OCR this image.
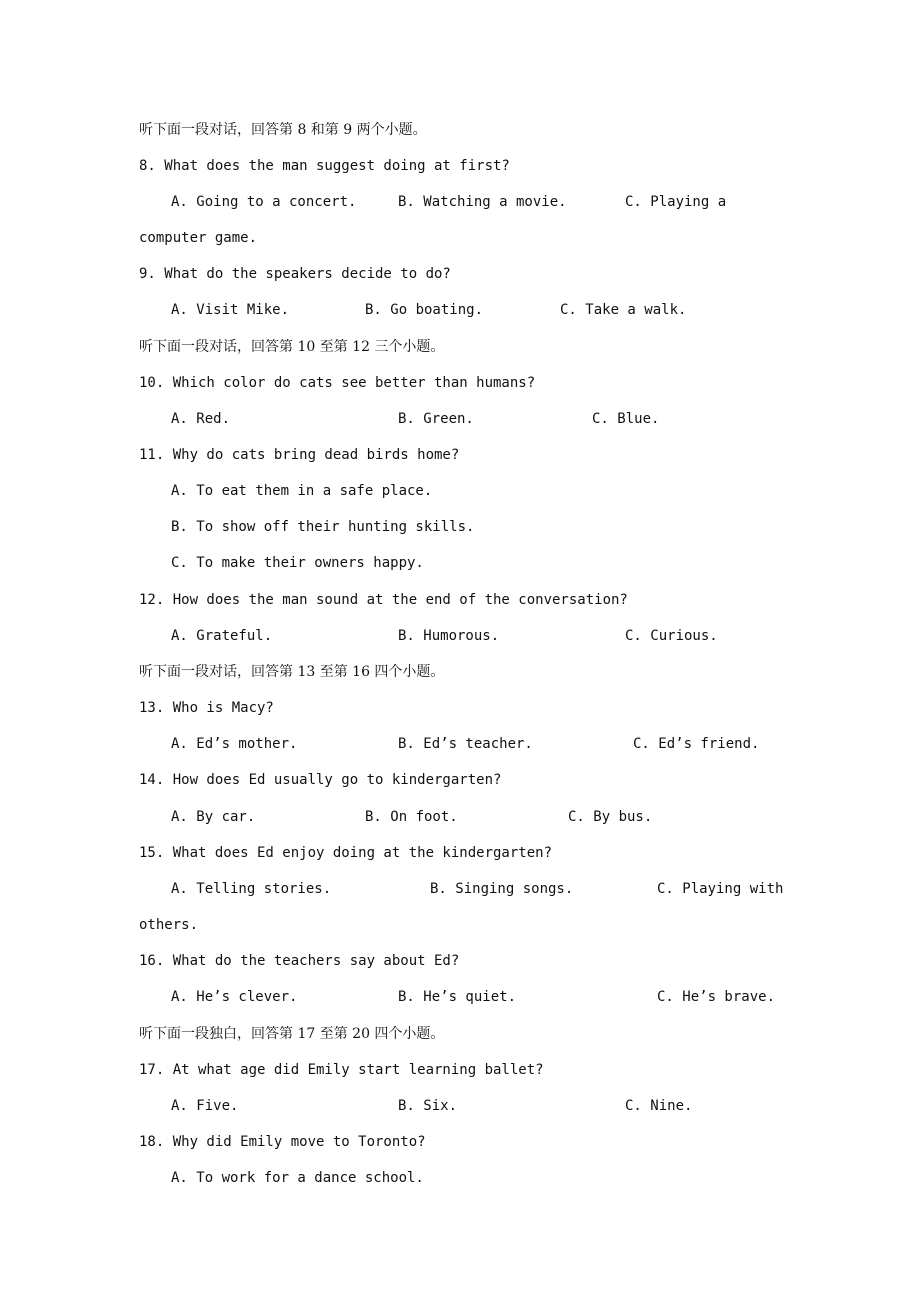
听下面一段对话，回答第 8 和第 9 两个小题。
8. What does the man suggest doing at first?
A. Going to a concert.	B. Watching a movie.	C. Playing a
computer game.
9. What do the speakers decide to do?
A. Visit Mike.	B. Go boating.	C. Take a walk.
听下面一段对话，回答第 10 至第 12 三个小题。
10. Which color do cats see better than humans?
A. Red.	B. Green.	C. Blue.
11. Why do cats bring dead birds home?
A. To eat them in a safe place.
B. To show off their hunting skills.
C. To make their owners happy.
12. How does the man sound at the end of the conversation?
A. Grateful.	B. Humorous.	C. Curious.
听下面一段对话，回答第 13 至第 16 四个小题。
13. Who is Macy?
A. Ed’s mother.	B. Ed’s teacher.	C. Ed’s friend.
14. How does Ed usually go to kindergarten?
A. By car.	B. On foot.	C. By bus.
15. What does Ed enjoy doing at the kindergarten?
A. Telling stories.	B. Singing songs.	C. Playing with
others.
16. What do the teachers say about Ed?
A. He’s clever.	B. He’s quiet.	C. He’s brave.
听下面一段独白，回答第 17 至第 20 四个小题。
17. At what age did Emily start learning ballet?
A. Five.	B. Six.	C. Nine.
18. Why did Emily move to Toronto?
A. To work for a dance school.
